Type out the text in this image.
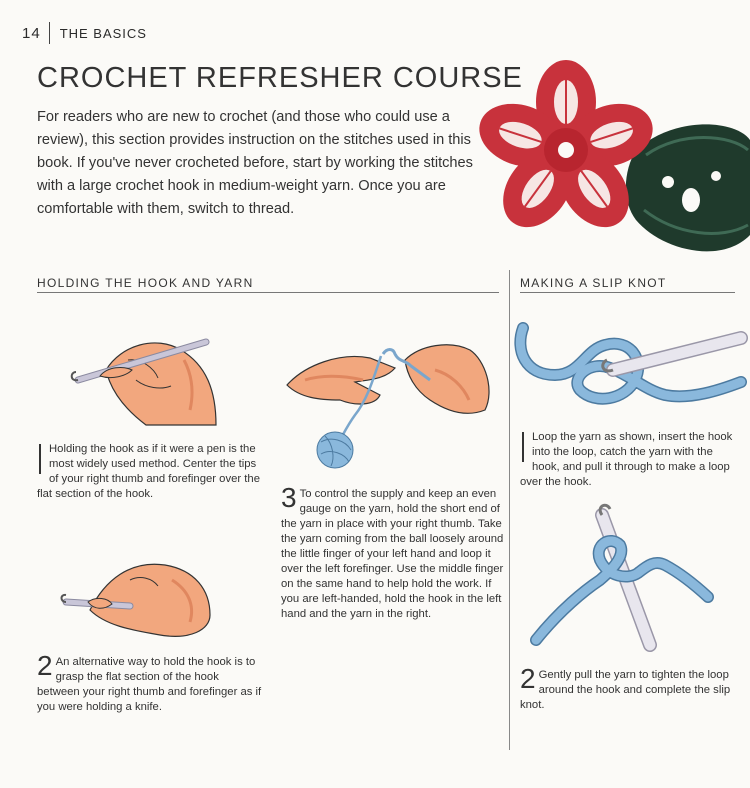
14 THE BASICS
CROCHET REFRESHER COURSE

For readers who are new to crochet (and those who could use a review), this section provides instruction on the stitches used in this book. If you've never crocheted before, start by working the stitches with a large crochet hook in medium-weight yarn. Once you are comfortable with them, switch to thread.

HOLDING THE HOOK AND YARN	MAKING A SLIP KNOT

Holding the hook as if it were a pen is the most widely used method. Center the tips of your right thumb and forefinger over the flat section of the hook.

2 An alternative way to hold the hook is to grasp the flat section of the hook between your right thumb and forefinger as if you were holding a knife.

3 To control the supply and keep an even gauge on the yarn, hold the short end of the yarn in place with your right thumb. Take the yarn coming from the ball loosely around the little finger of your left hand and loop it over the left forefinger. Use the middle finger on the same hand to help hold the work. If you are left-handed, hold the hook in the left hand and the yarn in the right.

Loop the yarn as shown, insert the hook into the loop, catch the yarn with the hook, and pull it through to make a loop over the hook.

2 Gently pull the yarn to tighten the loop around the hook and complete the slip knot.
